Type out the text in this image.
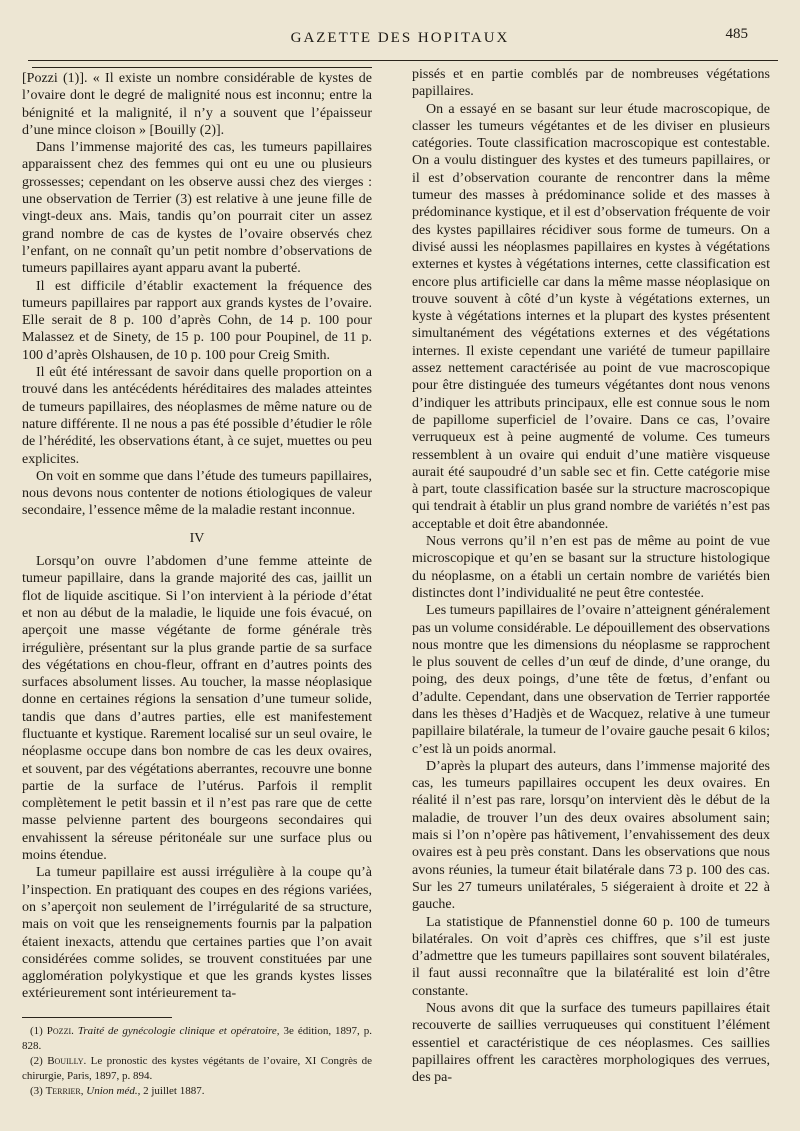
GAZETTE DES HOPITAUX	485

[Pozzi (1)]. « Il existe un nombre considérable de kystes de l’ovaire dont le degré de malignité nous est inconnu; entre la bénignité et la malignité, il n’y a souvent que l’épaisseur d’une mince cloison » [Bouilly (2)].

Dans l’immense majorité des cas, les tumeurs papillaires apparaissent chez des femmes qui ont eu une ou plusieurs grossesses; cependant on les observe aussi chez des vierges : une observation de Terrier (3) est relative à une jeune fille de vingt-deux ans. Mais, tandis qu’on pourrait citer un assez grand nombre de cas de kystes de l’ovaire observés chez l’enfant, on ne connaît qu’un petit nombre d’observations de tumeurs papillaires ayant apparu avant la puberté.

Il est difficile d’établir exactement la fréquence des tumeurs papillaires par rapport aux grands kystes de l’ovaire. Elle serait de 8 p. 100 d’après Cohn, de 14 p. 100 pour Malassez et de Sinety, de 15 p. 100 pour Poupinel, de 11 p. 100 d’après Olshausen, de 10 p. 100 pour Creig Smith.

Il eût été intéressant de savoir dans quelle proportion on a trouvé dans les antécédents héréditaires des malades atteintes de tumeurs papillaires, des néoplasmes de même nature ou de nature différente. Il ne nous a pas été possible d’étudier le rôle de l’hérédité, les observations étant, à ce sujet, muettes ou peu explicites.

On voit en somme que dans l’étude des tumeurs papillaires, nous devons nous contenter de notions étiologiques de valeur secondaire, l’essence même de la maladie restant inconnue.

IV

Lorsqu’on ouvre l’abdomen d’une femme atteinte de tumeur papillaire, dans la grande majorité des cas, jaillit un flot de liquide ascitique. Si l’on intervient à la période d’état et non au début de la maladie, le liquide une fois évacué, on aperçoit une masse végétante de forme générale très irrégulière, présentant sur la plus grande partie de sa surface des végétations en chou-fleur, offrant en d’autres points des surfaces absolument lisses. Au toucher, la masse néoplasique donne en certaines régions la sensation d’une tumeur solide, tandis que dans d’autres parties, elle est manifestement fluctuante et kystique. Rarement localisé sur un seul ovaire, le néoplasme occupe dans bon nombre de cas les deux ovaires, et souvent, par des végétations aberrantes, recouvre une bonne partie de la surface de l’utérus. Parfois il remplit complètement le petit bassin et il n’est pas rare que de cette masse pelvienne partent des bourgeons secondaires qui envahissent la séreuse péritonéale sur une surface plus ou moins étendue.

La tumeur papillaire est aussi irrégulière à la coupe qu’à l’inspection. En pratiquant des coupes en des régions variées, on s’aperçoit non seulement de l’irrégularité de sa structure, mais on voit que les renseignements fournis par la palpation étaient inexacts, attendu que certaines parties que l’on avait considérées comme solides, se trouvent constituées par une agglomération polykystique et que les grands kystes lisses extérieurement sont intérieurement ta-

(1) Pozzi. Traité de gynécologie clinique et opératoire, 3e édition, 1897, p. 828.
(2) Bouilly. Le pronostic des kystes végétants de l’ovaire, XI Congrès de chirurgie, Paris, 1897, p. 894.
(3) Terrier, Union méd., 2 juillet 1887.

pissés et en partie comblés par de nombreuses végétations papillaires.

On a essayé en se basant sur leur étude macroscopique, de classer les tumeurs végétantes et de les diviser en plusieurs catégories. Toute classification macroscopique est contestable. On a voulu distinguer des kystes et des tumeurs papillaires, or il est d’observation courante de rencontrer dans la même tumeur des masses à prédominance solide et des masses à prédominance kystique, et il est d’observation fréquente de voir des kystes papillaires récidiver sous forme de tumeurs. On a divisé aussi les néoplasmes papillaires en kystes à végétations externes et kystes à végétations internes, cette classification est encore plus artificielle car dans la même masse néoplasique on trouve souvent à côté d’un kyste à végétations externes, un kyste à végétations internes et la plupart des kystes présentent simultanément des végétations externes et des végétations internes. Il existe cependant une variété de tumeur papillaire assez nettement caractérisée au point de vue macroscopique pour être distinguée des tumeurs végétantes dont nous venons d’indiquer les attributs principaux, elle est connue sous le nom de papillome superficiel de l’ovaire. Dans ce cas, l’ovaire verruqueux est à peine augmenté de volume. Ces tumeurs ressemblent à un ovaire qui enduit d’une matière visqueuse aurait été saupoudré d’un sable sec et fin. Cette catégorie mise à part, toute classification basée sur la structure macroscopique qui tendrait à établir un plus grand nombre de variétés n’est pas acceptable et doit être abandonnée.

Nous verrons qu’il n’en est pas de même au point de vue microscopique et qu’en se basant sur la structure histologique du néoplasme, on a établi un certain nombre de variétés bien distinctes dont l’individualité ne peut être contestée.

Les tumeurs papillaires de l’ovaire n’atteignent généralement pas un volume considérable. Le dépouillement des observations nous montre que les dimensions du néoplasme se rapprochent le plus souvent de celles d’un œuf de dinde, d’une orange, du poing, des deux poings, d’une tête de fœtus, d’enfant ou d’adulte. Cependant, dans une observation de Terrier rapportée dans les thèses d’Hadjès et de Wacquez, relative à une tumeur papillaire bilatérale, la tumeur de l’ovaire gauche pesait 6 kilos; c’est là un poids anormal.

D’après la plupart des auteurs, dans l’immense majorité des cas, les tumeurs papillaires occupent les deux ovaires. En réalité il n’est pas rare, lorsqu’on intervient dès le début de la maladie, de trouver l’un des deux ovaires absolument sain; mais si l’on n’opère pas hâtivement, l’envahissement des deux ovaires est à peu près constant. Dans les observations que nous avons réunies, la tumeur était bilatérale dans 73 p. 100 des cas. Sur les 27 tumeurs unilatérales, 5 siégeraient à droite et 22 à gauche.

La statistique de Pfannenstiel donne 60 p. 100 de tumeurs bilatérales. On voit d’après ces chiffres, que s’il est juste d’admettre que les tumeurs papillaires sont souvent bilatérales, il faut aussi reconnaître que la bilatéralité est loin d’être constante.

Nous avons dit que la surface des tumeurs papillaires était recouverte de saillies verruqueuses qui constituent l’élément essentiel et caractéristique de ces néoplasmes. Ces saillies papillaires offrent les caractères morphologiques des verrues, des pa-
